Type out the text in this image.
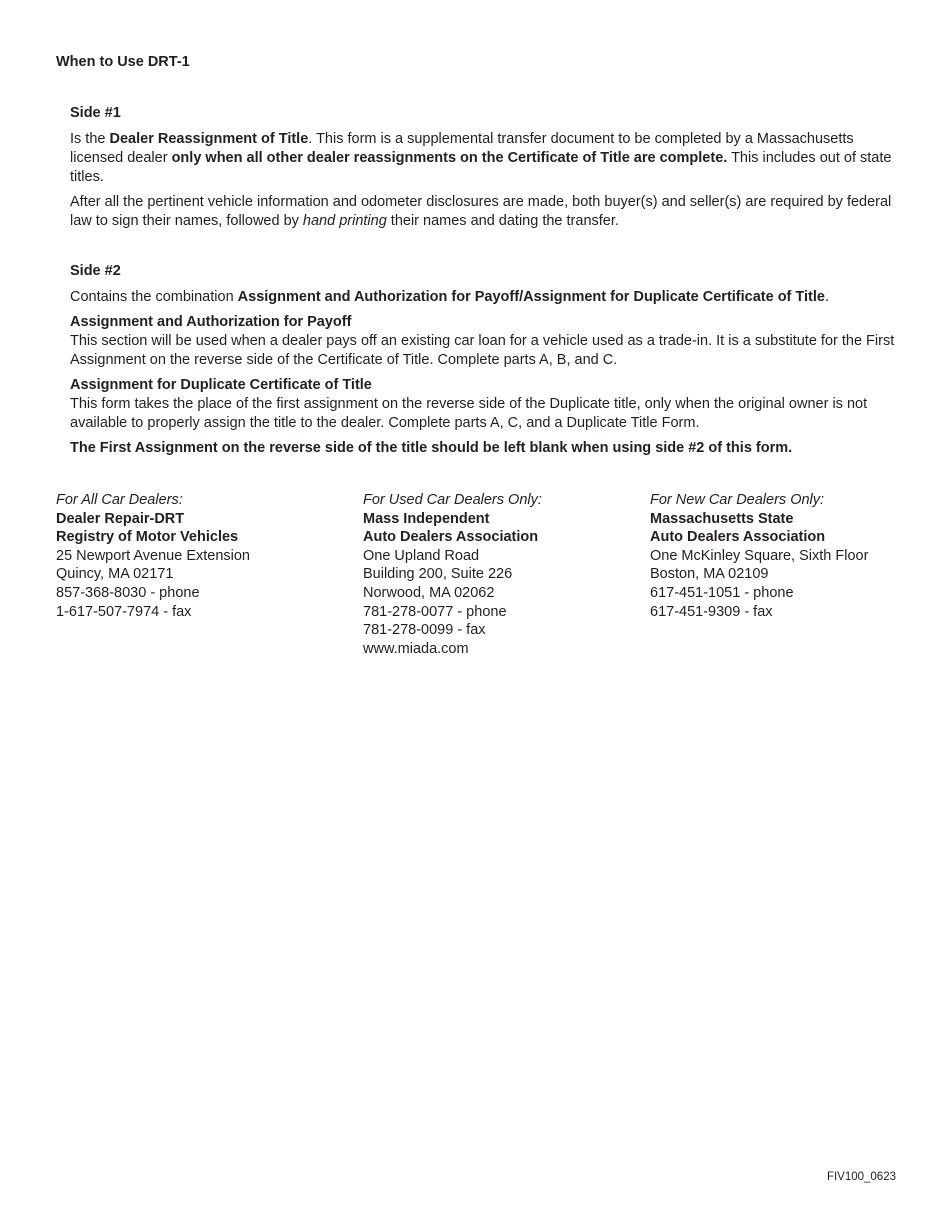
When to Use DRT-1
Side #1

Is the Dealer Reassignment of Title. This form is a supplemental transfer document to be completed by a Massachusetts licensed dealer only when all other dealer reassignments on the Certificate of Title are complete. This includes out of state titles.

After all the pertinent vehicle information and odometer disclosures are made, both buyer(s) and seller(s) are required by federal law to sign their names, followed by hand printing their names and dating the transfer.

Side #2

Contains the combination Assignment and Authorization for Payoff/Assignment for Duplicate Certificate of Title.

Assignment and Authorization for Payoff
This section will be used when a dealer pays off an existing car loan for a vehicle used as a trade-in. It is a substitute for the First Assignment on the reverse side of the Certificate of Title. Complete parts A, B, and C.

Assignment for Duplicate Certificate of Title
This form takes the place of the first assignment on the reverse side of the Duplicate title, only when the original owner is not available to properly assign the title to the dealer. Complete parts A, C, and a Duplicate Title Form.

The First Assignment on the reverse side of the title should be left blank when using side #2 of this form.

For All Car Dealers:
Dealer Repair-DRT
Registry of Motor Vehicles
25 Newport Avenue Extension
Quincy, MA 02171
857-368-8030 - phone
1-617-507-7974 - fax
For Used Car Dealers Only:
Mass Independent
Auto Dealers Association
One Upland Road
Building 200, Suite 226
Norwood, MA 02062
781-278-0077 - phone
781-278-0099 - fax
www.miada.com
For New Car Dealers Only:
Massachusetts State
Auto Dealers Association
One McKinley Square, Sixth Floor
Boston, MA 02109
617-451-1051 - phone
617-451-9309 - fax
FIV100_0623
